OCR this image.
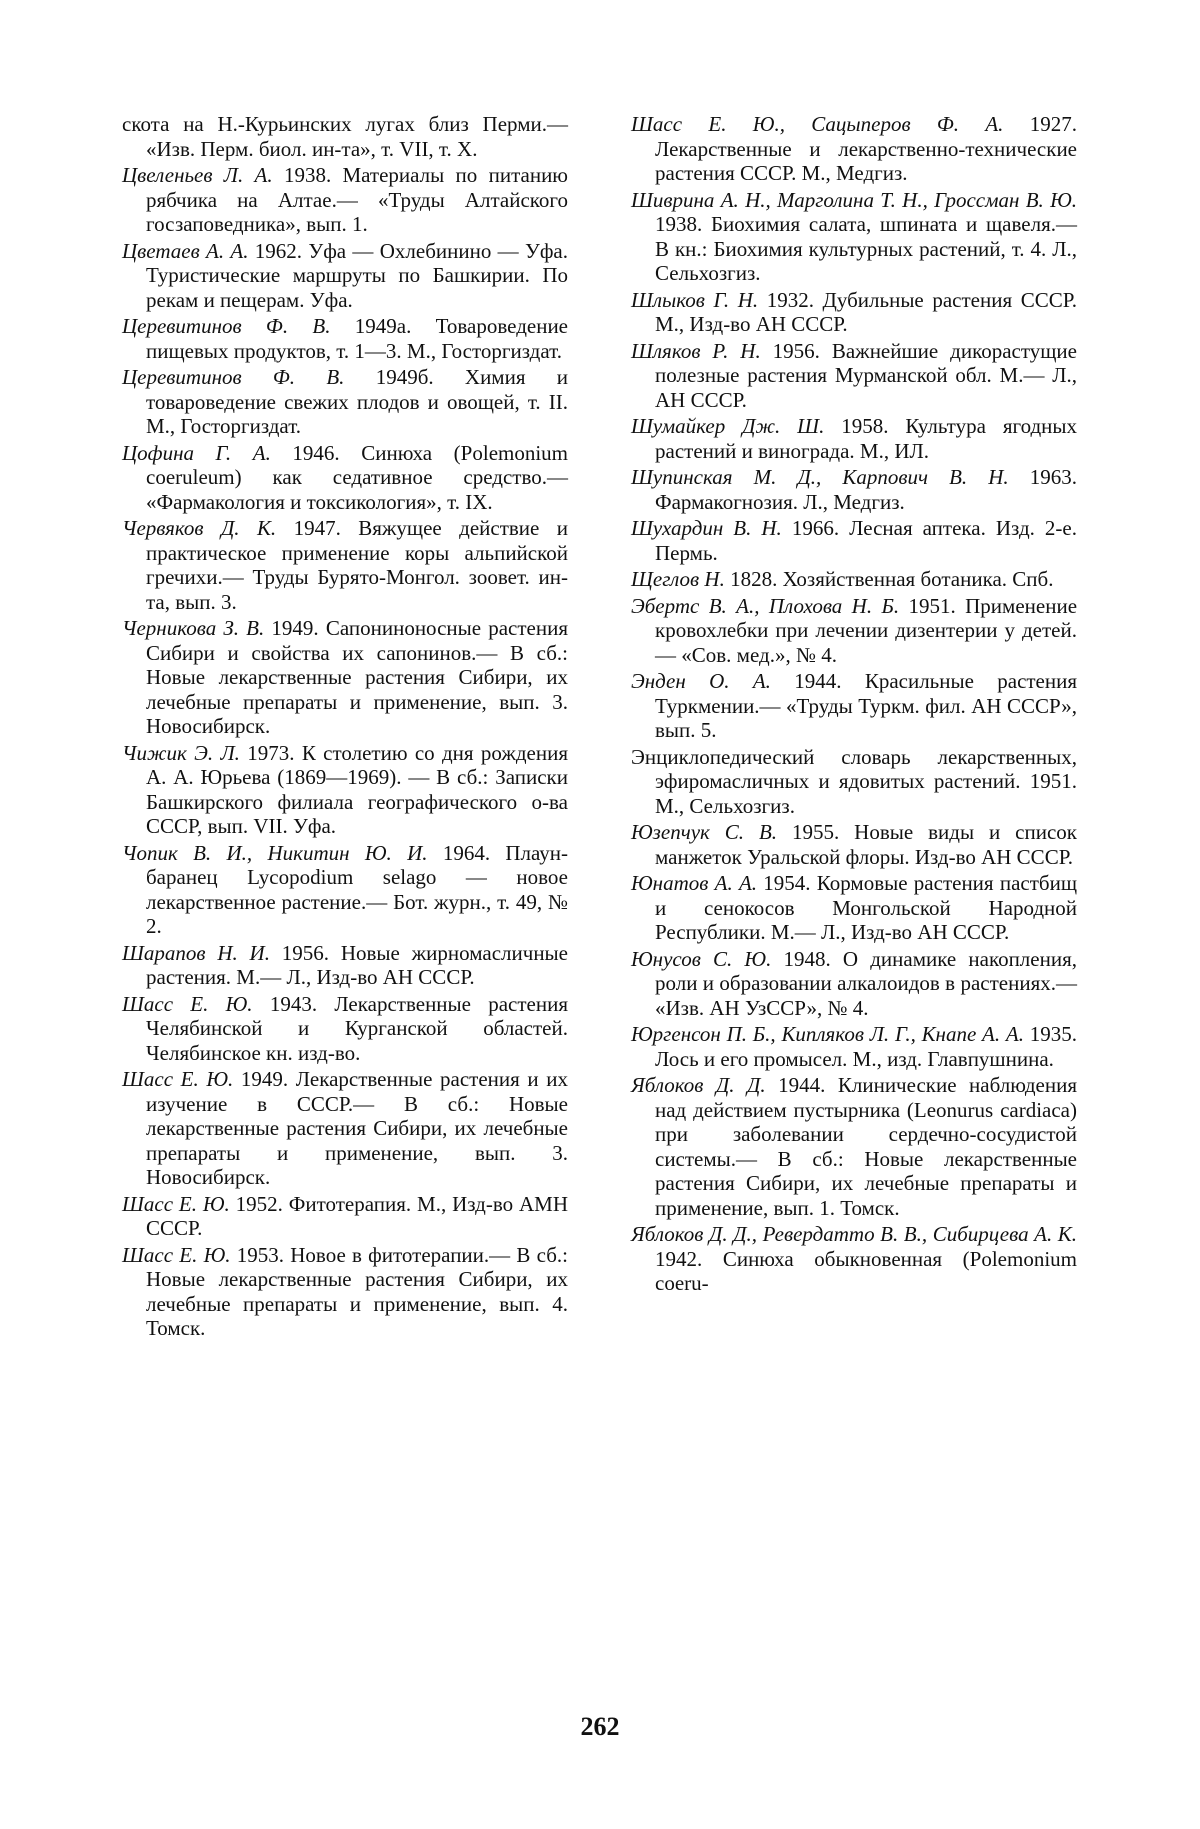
скота на Н.-Курьинских лугах близ Перми.— «Изв. Перм. биол. ин-та», т. VII, т. X.
Цвеленьев Л. А. 1938. Материалы по питанию рябчика на Алтае.— «Труды Алтайского госзаповедника», вып. 1.
Цветаев А. А. 1962. Уфа — Охлебинино — Уфа. Туристические маршруты по Башкирии. По рекам и пещерам. Уфа.
Церевитинов Ф. В. 1949а. Товароведение пищевых продуктов, т. 1—3. М., Госторгиздат.
Церевитинов Ф. В. 1949б. Химия и товароведение свежих плодов и овощей, т. II. М., Госторгиздат.
Цофина Г. А. 1946. Синюха (Polemonium coeruleum) как седативное средство.— «Фармакология и токсикология», т. IX.
Червяков Д. К. 1947. Вяжущее действие и практическое применение коры альпийской гречихи.— Труды Бурято-Монгол. зоовет. ин-та, вып. 3.
Черникова З. В. 1949. Сапониноносные растения Сибири и свойства их сапонинов.— В сб.: Новые лекарственные растения Сибири, их лечебные препараты и применение, вып. 3. Новосибирск.
Чижик Э. Л. 1973. К столетию со дня рождения А. А. Юрьева (1869—1969). — В сб.: Записки Башкирского филиала географического о-ва СССР, вып. VII. Уфа.
Чопик В. И., Никитин Ю. И. 1964. Плаун-баранец Lycopodium selago — новое лекарственное растение.— Бот. журн., т. 49, № 2.
Шарапов Н. И. 1956. Новые жирномасличные растения. М.— Л., Изд-во АН СССР.
Шасс Е. Ю. 1943. Лекарственные растения Челябинской и Курганской областей. Челябинское кн. изд-во.
Шасс Е. Ю. 1949. Лекарственные растения и их изучение в СССР.— В сб.: Новые лекарственные растения Сибири, их лечебные препараты и применение, вып. 3. Новосибирск.
Шасс Е. Ю. 1952. Фитотерапия. М., Изд-во АМН СССР.
Шасс Е. Ю. 1953. Новое в фитотерапии.— В сб.: Новые лекарственные растения Сибири, их лечебные препараты и применение, вып. 4. Томск.
Шасс Е. Ю., Сацыперов Ф. А. 1927. Лекарственные и лекарственно-технические растения СССР. М., Медгиз.
Шиврина А. Н., Марголина Т. Н., Гроссман В. Ю. 1938. Биохимия салата, шпината и щавеля.— В кн.: Биохимия культурных растений, т. 4. Л., Сельхозгиз.
Шлыков Г. Н. 1932. Дубильные растения СССР. М., Изд-во АН СССР.
Шляков Р. Н. 1956. Важнейшие дикорастущие полезные растения Мурманской обл. М.— Л., АН СССР.
Шумайкер Дж. Ш. 1958. Культура ягодных растений и винограда. М., ИЛ.
Шупинская М. Д., Карпович В. Н. 1963. Фармакогнозия. Л., Медгиз.
Шухардин В. Н. 1966. Лесная аптека. Изд. 2-е. Пермь.
Щеглов Н. 1828. Хозяйственная ботаника. Спб.
Эбертс В. А., Плохова Н. Б. 1951. Применение кровохлебки при лечении дизентерии у детей.— «Сов. мед.», № 4.
Энден О. А. 1944. Красильные растения Туркмении.— «Труды Туркм. фил. АН СССР», вып. 5.
Энциклопедический словарь лекарственных, эфиромасличных и ядовитых растений. 1951. М., Сельхозгиз.
Юзепчук С. В. 1955. Новые виды и список манжеток Уральской флоры. Изд-во АН СССР.
Юнатов А. А. 1954. Кормовые растения пастбищ и сенокосов Монгольской Народной Республики. М.— Л., Изд-во АН СССР.
Юнусов С. Ю. 1948. О динамике накопления, роли и образовании алкалоидов в растениях.— «Изв. АН УзССР», № 4.
Юргенсон П. Б., Кипляков Л. Г., Кнапе А. А. 1935. Лось и его промысел. М., изд. Главпушнина.
Яблоков Д. Д. 1944. Клинические наблюдения над действием пустырника (Leonurus cardiaca) при заболевании сердечно-сосудистой системы.— В сб.: Новые лекарственные растения Сибири, их лечебные препараты и применение, вып. 1. Томск.
Яблоков Д. Д., Ревердатто В. В., Сибирцева А. К. 1942. Синюха обыкновенная (Polemonium coeru-
262
